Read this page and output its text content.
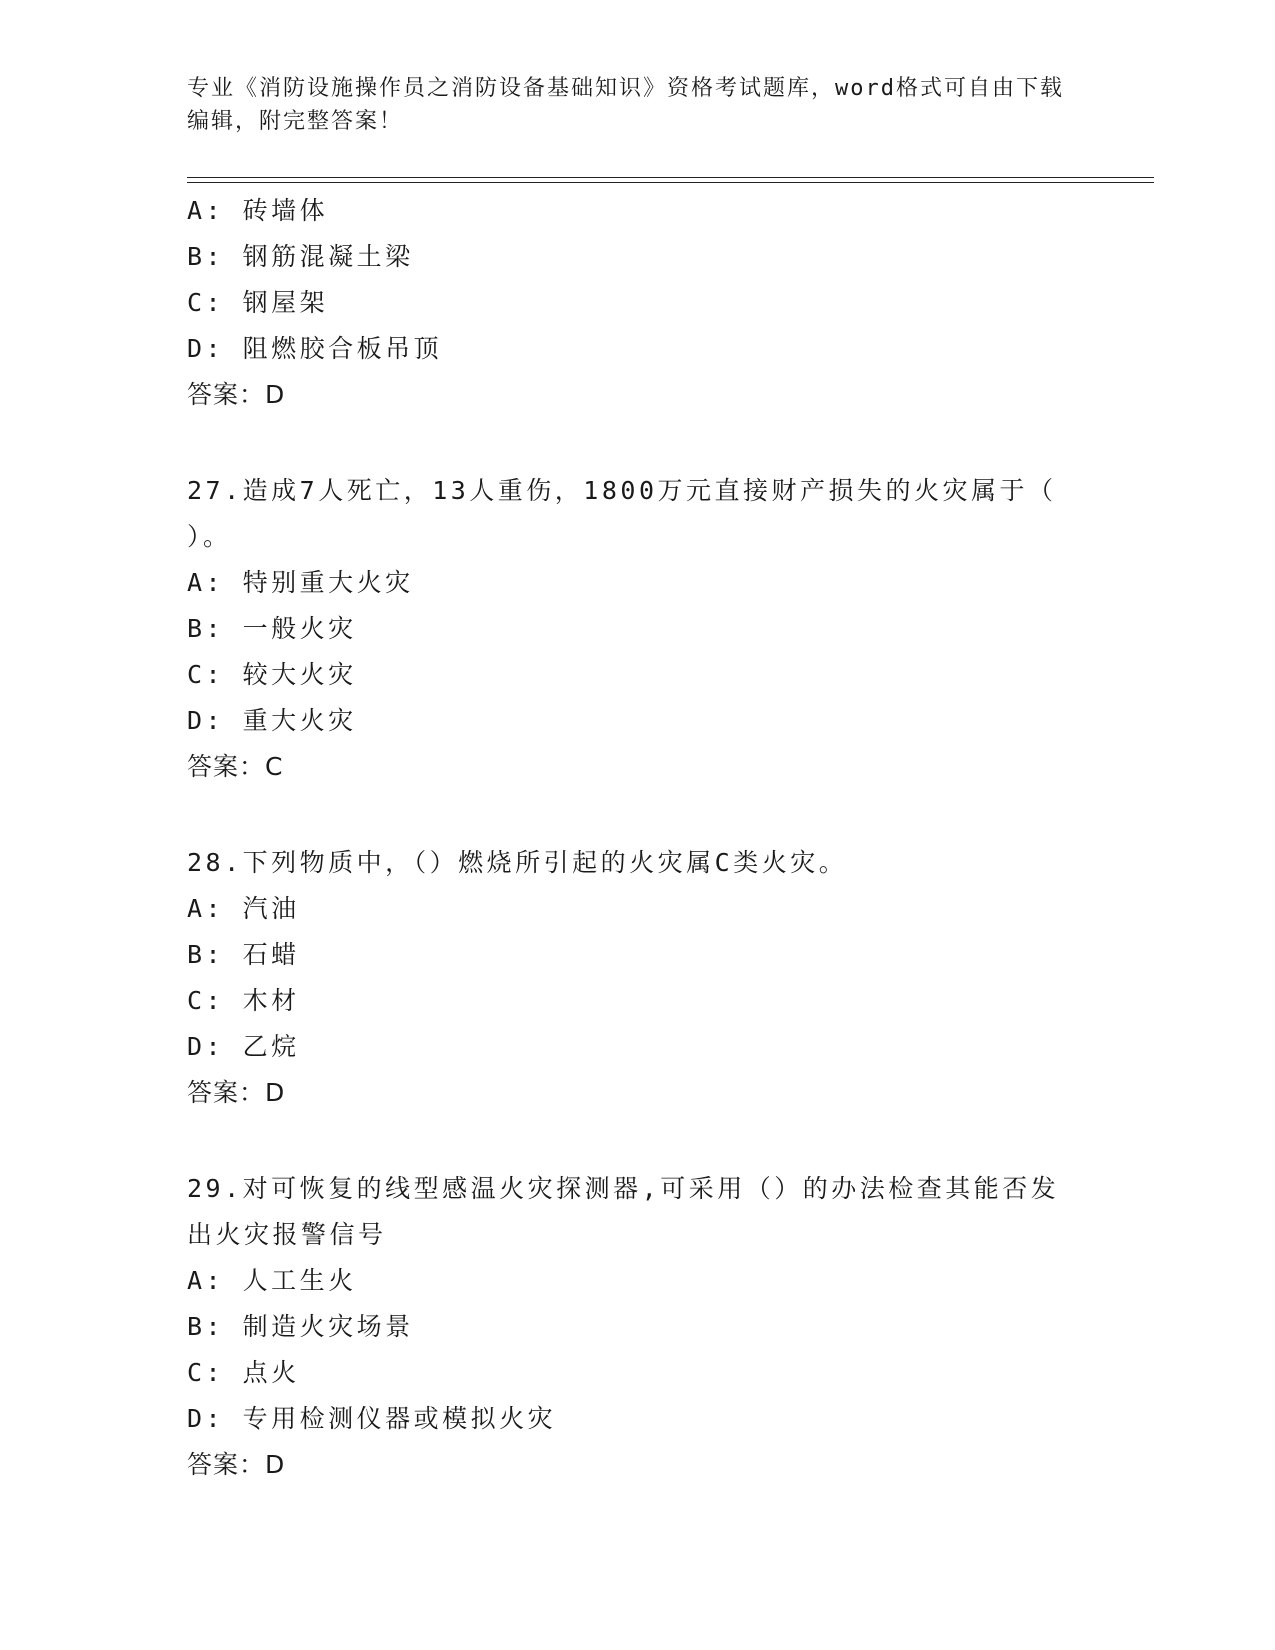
专业《消防设施操作员之消防设备基础知识》资格考试题库，word格式可自由下载编辑，附完整答案！
A: 砖墙体
B: 钢筋混凝土梁
C: 钢屋架
D: 阻燃胶合板吊顶
答案：D
27.造成7人死亡，13人重伤，1800万元直接财产损失的火灾属于（ ）。
A: 特别重大火灾
B: 一般火灾
C: 较大火灾
D: 重大火灾
答案：C
28.下列物质中，（）燃烧所引起的火灾属C类火灾。
A: 汽油
B: 石蜡
C: 木材
D: 乙烷
答案：D
29.对可恢复的线型感温火灾探测器,可采用（）的办法检查其能否发出火灾报警信号
A: 人工生火
B: 制造火灾场景
C: 点火
D: 专用检测仪器或模拟火灾
答案：D
